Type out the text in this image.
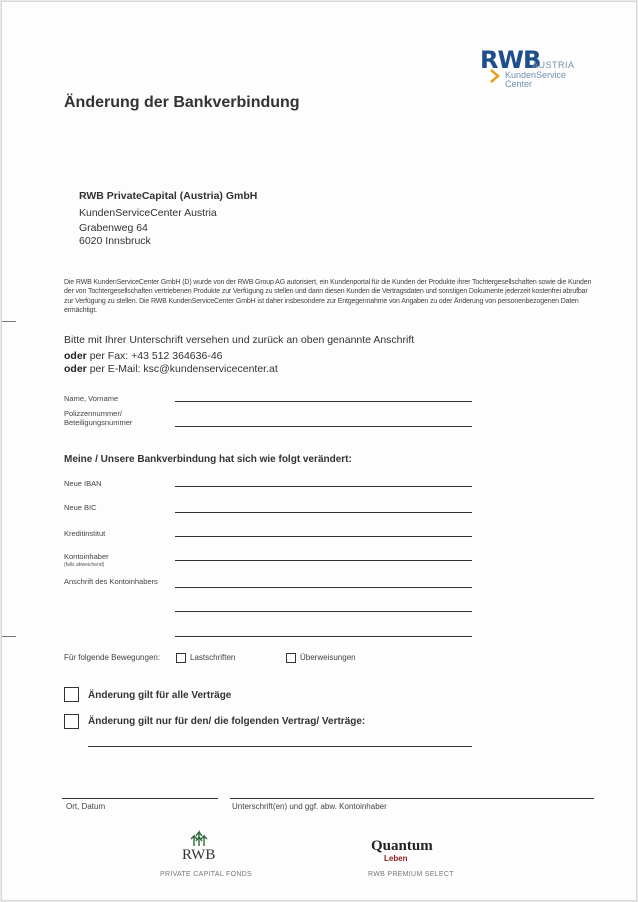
RWB
AUSTRIA
KundenService
Center
Änderung der Bankverbindung
RWB PrivateCapital (Austria) GmbH
KundenServiceCenter Austria
Grabenweg 64
6020 Innsbruck
Die RWB KundenServiceCenter GmbH (D) wurde von der RWB Group AG autorisiert, ein Kundenportal für die Kunden der Produkte ihrer Tochtergesellschaften sowie die Kunden der von Tochtergesellschaften vertriebenen Produkte zur Verfügung zu stellen und darin diesen Kunden die Vertragsdaten und sonstigen Dokumente jederzeit kostenfrei abrufbar zur Verfügung zu stellen. Die RWB KundenServiceCenter GmbH ist daher insbesondere zur Entgegennahme von Angaben zu oder Änderung von personenbezogenen Daten ermächtigt.
Bitte mit Ihrer Unterschrift versehen und zurück an oben genannte Anschrift
oder per Fax: +43 512 364636-46
oder per E-Mail: ksc@kundenservicecenter.at
Name, Vorname
Polizzennummer/
Beteiligungsnummer
Meine / Unsere Bankverbindung hat sich wie folgt verändert:
Neue IBAN
Neue BIC
Kreditinstitut
Kontoinhaber
(falls abweichend)
Anschrift des Kontoinhabers
Für folgende Bewegungen:	Lastschriften	Überweisungen
Änderung gilt für alle Verträge
Änderung gilt nur für den/ die folgenden Vertrag/ Verträge:
Ort, Datum	Unterschrift(en) und ggf. abw. Kontoinhaber
RWB
PRIVATE CAPITAL FONDS
Quantum
Leben
RWB PREMIUM SELECT
